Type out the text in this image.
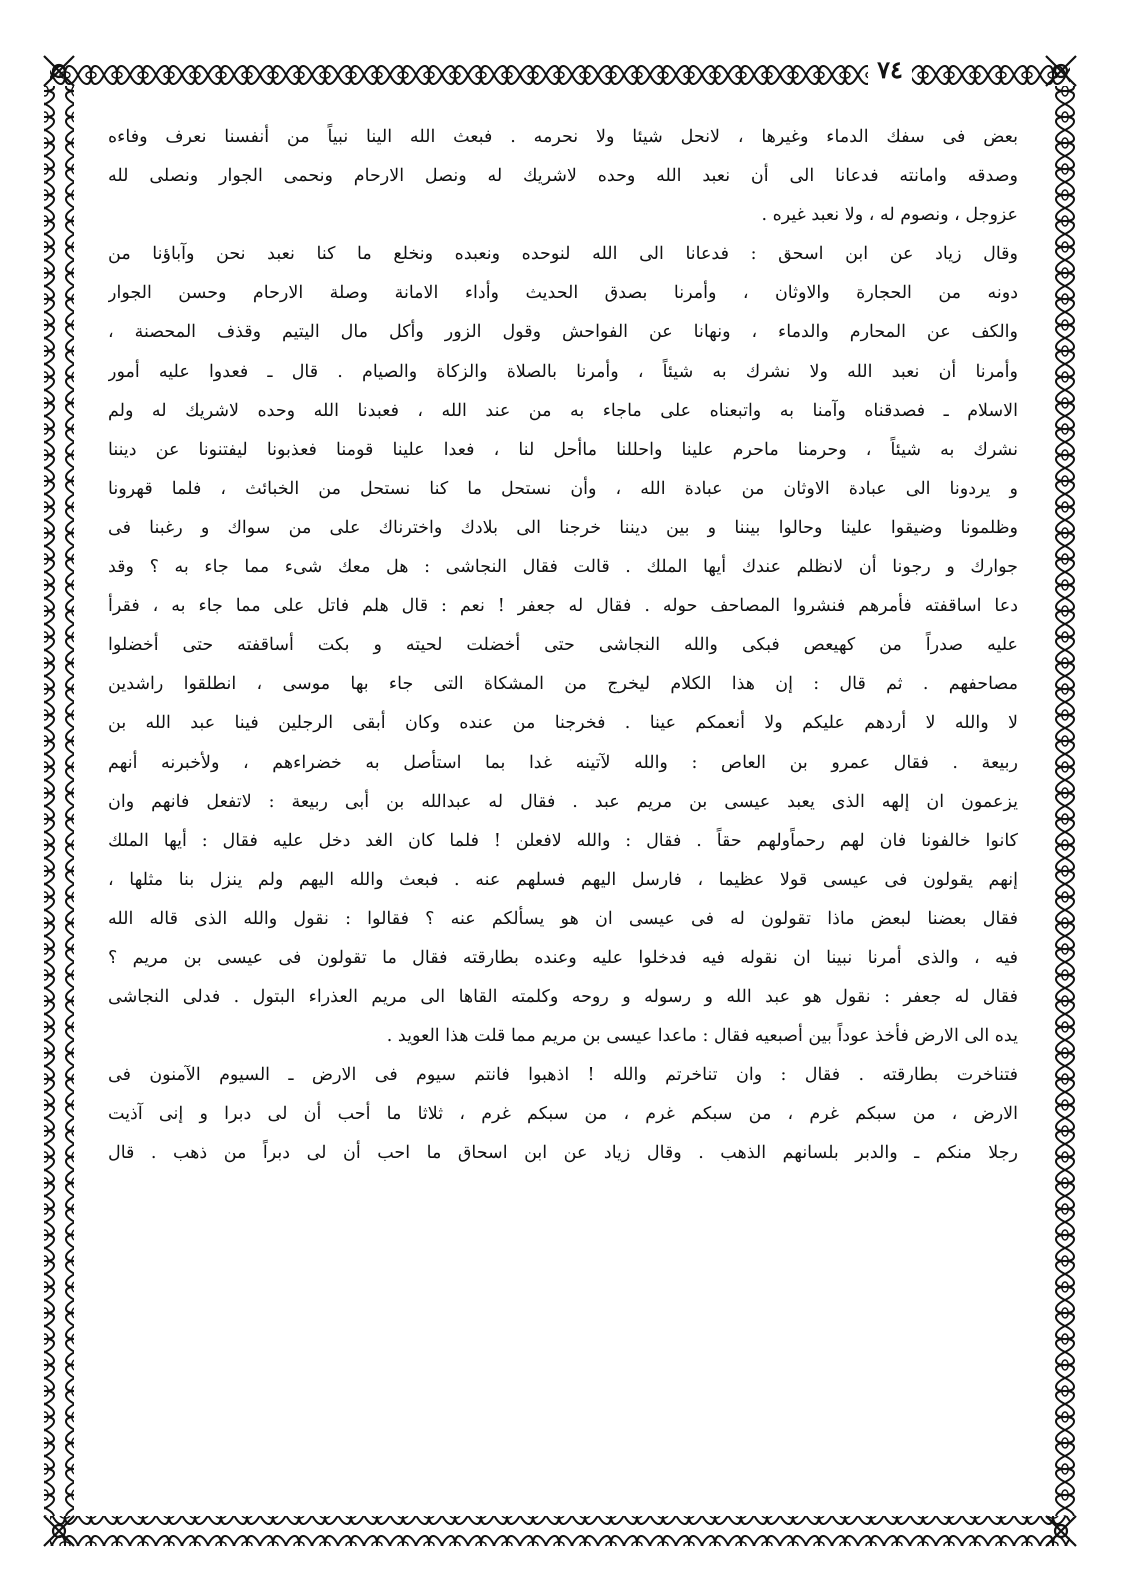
٧٤
بعض فى سفك الدماء وغيرها ، لانحل شيئا ولا نحرمه . فبعث الله الينا نبياً من أنفسنا نعرف وفاءه
وصدقه وامانته فدعانا الى أن نعبد الله وحده لاشريك له ونصل الارحام ونحمى الجوار ونصلى لله
عزوجل ، ونصوم له ، ولا نعبد غيره .
وقال زياد عن ابن اسحق : فدعانا الى الله لنوحده ونعبده ونخلع ما كنا نعبد نحن وآباؤنا من
دونه من الحجارة والاوثان ، وأمرنا بصدق الحديث وأداء الامانة وصلة الارحام وحسن الجوار
والكف عن المحارم والدماء ، ونهانا عن الفواحش وقول الزور وأكل مال اليتيم وقذف المحصنة ،
وأمرنا أن نعبد الله ولا نشرك به شيئاً ، وأمرنا بالصلاة والزكاة والصيام . قال ـ فعدوا عليه أمور
الاسلام ـ فصدقناه وآمنا به واتبعناه على ماجاء به من عند الله ، فعبدنا الله وحده لاشريك له ولم
نشرك به شيئاً ، وحرمنا ماحرم علينا واحللنا ماأحل لنا ، فعدا علينا قومنا فعذبونا ليفتنونا عن ديننا
و يردونا الى عبادة الاوثان من عبادة الله ، وأن نستحل ما كنا نستحل من الخبائث ، فلما قهرونا
وظلمونا وضيقوا علينا وحالوا بيننا و بين ديننا خرجنا الى بلادك واخترناك على من سواك و رغبنا فى
جوارك و رجونا أن لانظلم عندك أيها الملك . قالت فقال النجاشى : هل معك شىء مما جاء به ؟ وقد
دعا اساقفته فأمرهم فنشروا المصاحف حوله . فقال له جعفر ! نعم : قال هلم فاتل على مما جاء به ، فقرأ
عليه صدراً من كهيعص فبكى والله النجاشى حتى أخضلت لحيته و بكت أساقفته حتى أخضلوا
مصاحفهم . ثم قال : إن هذا الكلام ليخرج من المشكاة التى جاء بها موسى ، انطلقوا راشدين
لا والله لا أردهم عليكم ولا أنعمكم عينا . فخرجنا من عنده وكان أبقى الرجلين فينا عبد الله بن
ربيعة . فقال عمرو بن العاص : والله لآتينه غدا بما استأصل به خضراءهم ، ولأخبرنه أنهم
يزعمون ان إلهه الذى يعبد عيسى بن مريم عبد . فقال له عبدالله بن أبى ربيعة : لاتفعل فانهم وان
كانوا خالفونا فان لهم رحماًولهم حقاً . فقال : والله لافعلن ! فلما كان الغد دخل عليه فقال : أيها الملك
إنهم يقولون فى عيسى قولا عظيما ، فارسل اليهم فسلهم عنه . فبعث والله اليهم ولم ينزل بنا مثلها ،
فقال بعضنا لبعض ماذا تقولون له فى عيسى ان هو يسألكم عنه ؟ فقالوا : نقول والله الذى قاله الله
فيه ، والذى أمرنا نبينا ان نقوله فيه فدخلوا عليه وعنده بطارقته فقال ما تقولون فى عيسى بن مريم ؟
فقال له جعفر : نقول هو عبد الله و رسوله و روحه وكلمته القاها الى مريم العذراء البتول . فدلى النجاشى
يده الى الارض فأخذ عوداً بين أصبعيه فقال : ماعدا عيسى بن مريم مما قلت هذا العويد .
فتناخرت بطارقته . فقال : وان تناخرتم والله ! اذهبوا فانتم سيوم فى الارض ـ السيوم الآمنون فى
الارض ، من سبكم غرم ، من سبكم غرم ، من سبكم غرم ، ثلاثا ما أحب أن لى دبرا و إنى آذيت
رجلا منكم ـ والدبر بلسانهم الذهب . وقال زياد عن ابن اسحاق ما احب أن لى دبراً من ذهب . قال
